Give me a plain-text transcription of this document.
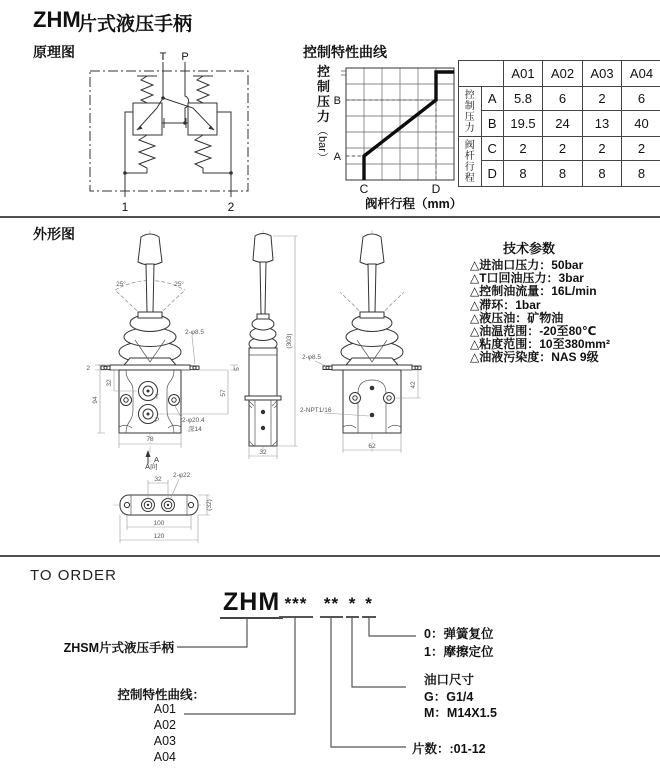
ZHM
片式液压手柄
原理图	控制特性曲线
T P
1	2
B
A
C	D
控制压力
（bar）
阀杆行程（mm）
		A01	A02	A03	A04

控制压力	A	5.8	6	2	6
	B	19.5	24	13	40

阀杆行程	C	2	2	2	2
	D	8	8	8	8
外形图
25°	25°
T
P
2
32
94
5
57
2-φ8.5
2-φ20.4
深14
78
A
(303)
32
2-φ8.5
2-NPT1/16
42
62
A向
32
2-φ22
(32)
100
120
技术参数
△进油口压力：50bar
△T口回油压力：3bar
△控制油流量：16L/min
△滞环：1bar
△液压油：矿物油
△油温范围：-20至80℃
△粘度范围：10至380mm²
△油液污染度：NAS 9级
TO ORDER
ZHM *** ** * *
ZHSM片式液压手柄
控制特性曲线：
A01
A02
A03
A04
0：弹簧复位
1：摩擦定位
油口尺寸
G：G1/4
M：M14X1.5
片数：:01-12
